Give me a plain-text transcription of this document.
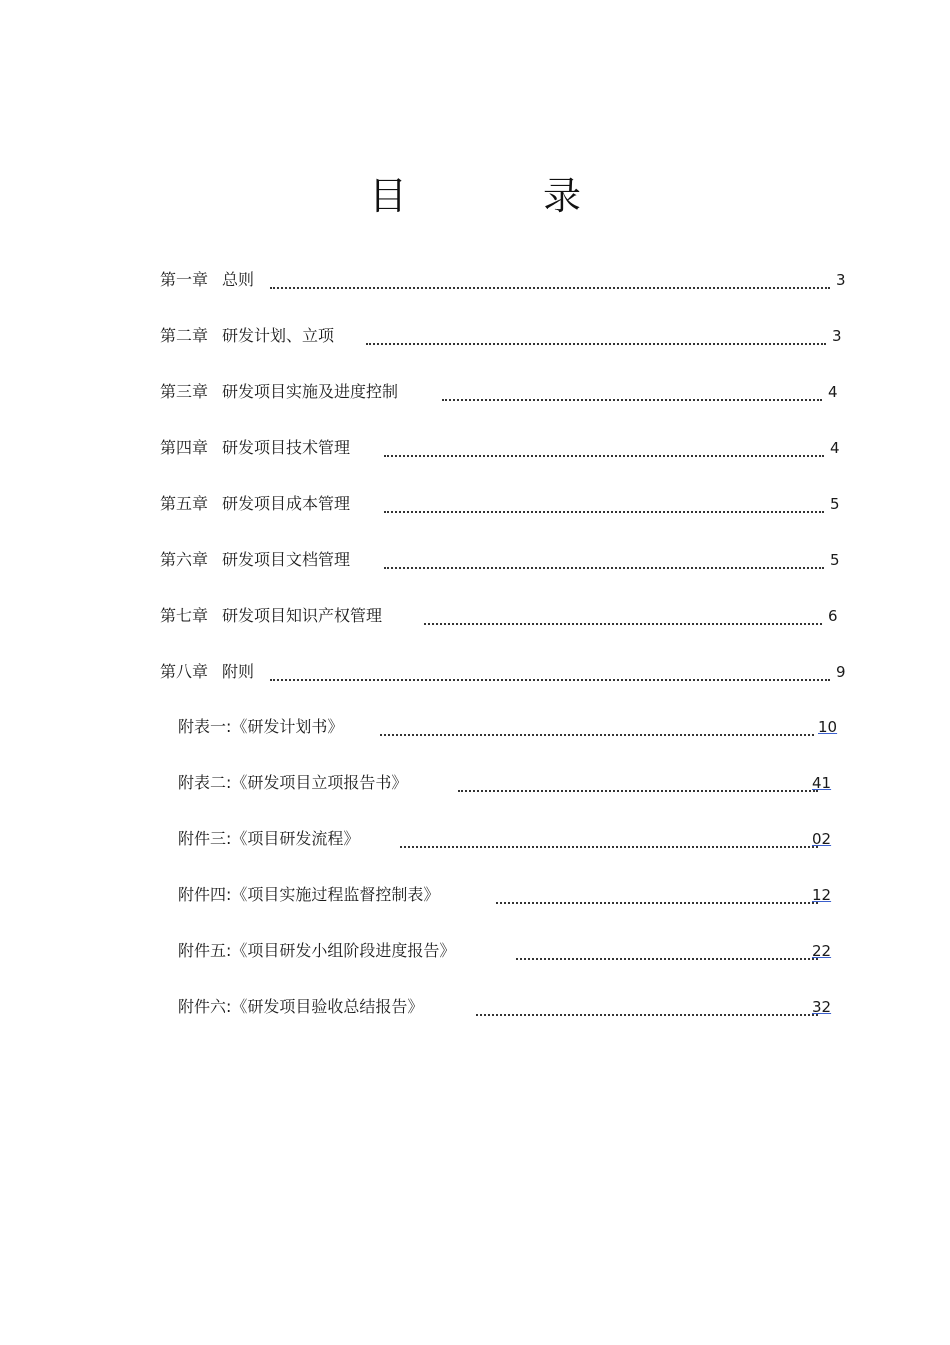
目 录
第一章 总则	3
第二章 研发计划、立项	3
第三章 研发项目实施及进度控制	4
第四章 研发项目技术管理	4
第五章 研发项目成本管理	5
第六章 研发项目文档管理	5
第七章 研发项目知识产权管理	6
第八章 附则	9
附表一:《研发计划书》	10
附表二:《研发项目立项报告书》	41
附件三:《项目研发流程》	02
附件四:《项目实施过程监督控制表》	12
附件五:《项目研发小组阶段进度报告》	22
附件六:《研发项目验收总结报告》	32
